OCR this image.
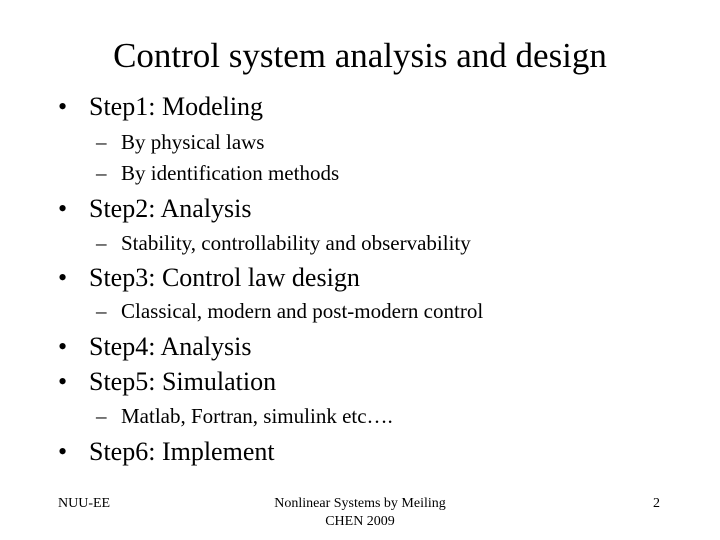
Control system analysis and design
• Step1: Modeling
– By physical laws
– By identification methods
• Step2: Analysis
– Stability, controllability and observability
• Step3: Control law design
– Classical, modern and post-modern control
• Step4: Analysis
• Step5: Simulation
– Matlab, Fortran, simulink etc….
• Step6: Implement
NUU-EE	Nonlinear Systems by Meiling
CHEN 2009
2
